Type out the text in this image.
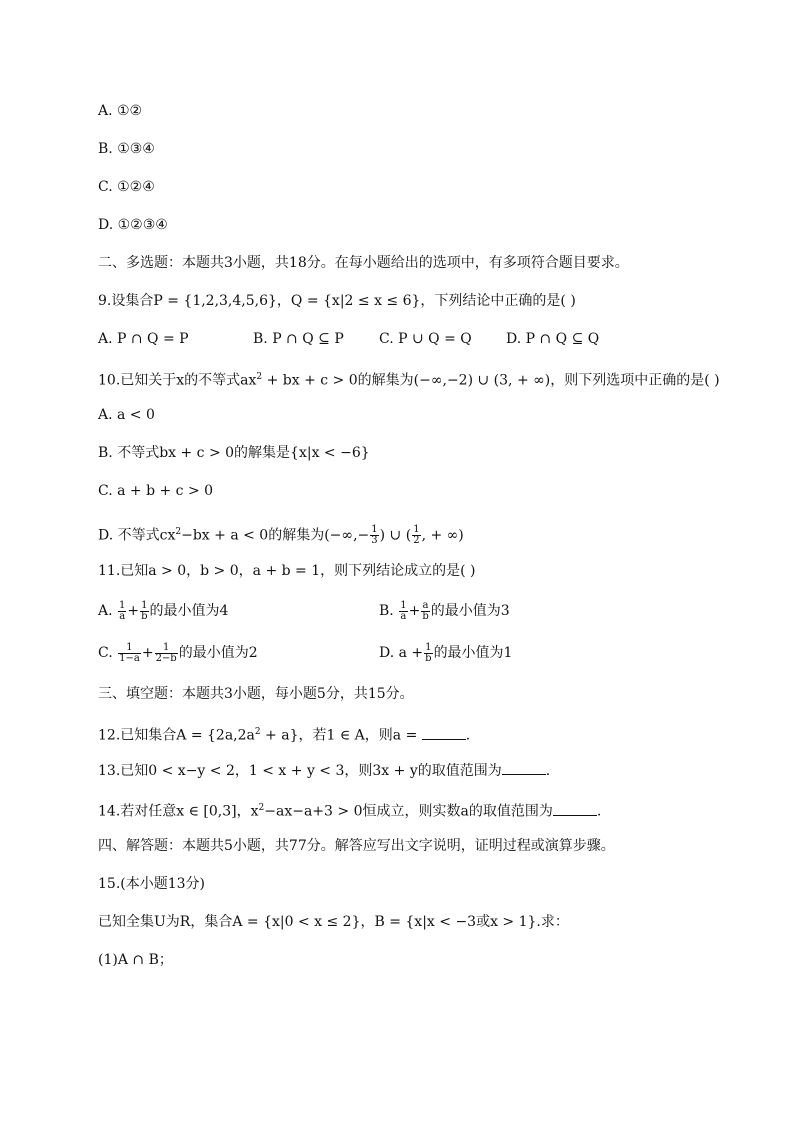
A. ①②
B. ①③④
C. ①②④
D. ①②③④
二、多选题：本题共3小题，共18分。在每小题给出的选项中，有多项符合题目要求。
9.设集合P = {1,2,3,4,5,6}，Q = {x|2 ≤ x ≤ 6}，下列结论中正确的是( )
A. P ∩ Q = P	B. P ∩ Q ⊆ P	C. P ∪ Q = Q D. P ∩ Q ⊆ Q
10.已知关于x的不等式$ax^2$ + bx + c > 0的解集为(−∞,−2) ∪ (3, + ∞)，则下列选项中正确的是( )
A. a < 0
B. 不等式bx + c > 0的解集是{x|x < −6}
C. a + b + c > 0
D. 不等式$cx^2-bx + a < 0$的解集为(−∞,− $\frac{1}{3}$ ) ∪ ( $\frac{1}{2}$ , + ∞)
11.已知a > 0，b > 0，a + b = 1，则下列结论成立的是( )
A. $\frac{1}{a} + \frac{1}{b}$ 的最小值为4	B. $\frac{1}{a} + \frac{a}{b}$ 的最小值为3
C. $\frac{1}{1-a} + \frac{1}{2-b}$ 的最小值为2	D. $a + \frac{1}{b}$ 的最小值为1
三、填空题：本题共3小题，每小题5分，共15分。
12.已知集合$A = \{2a,2a^2 + a\}$，若1 ∈ A，则a =	.
13.已知0 < x−y < 2，1 < x + y < 3，则3x + y的取值范围为	.
14.若对任意x ∈ [0,3]，$x^2-ax-a+3 > 0$恒成立，则实数a的取值范围为	.
四、解答题：本题共5小题，共77分。解答应写出文字说明，证明过程或演算步骤。
15.(本小题13分)
已知全集U为R，集合A = {x|0 < x ≤ 2}，B = {x|x < −3或x > 1}.求：
(1)A ∩ B；
